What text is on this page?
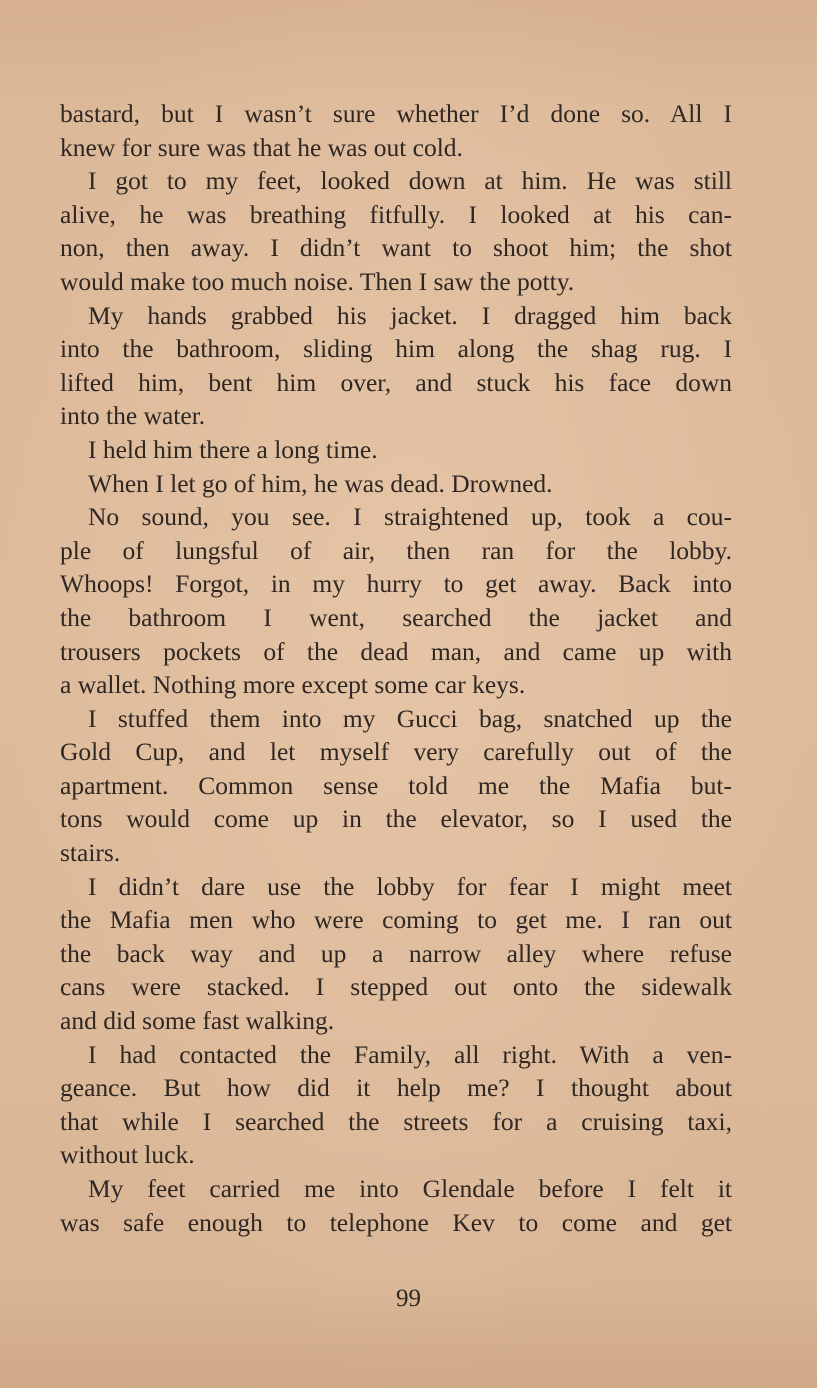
bastard, but I wasn’t sure whether I’d done so. All I
knew for sure was that he was out cold.
I got to my feet, looked down at him. He was still
alive, he was breathing fitfully. I looked at his can-
non, then away. I didn’t want to shoot him; the shot
would make too much noise. Then I saw the potty.
My hands grabbed his jacket. I dragged him back
into the bathroom, sliding him along the shag rug. I
lifted him, bent him over, and stuck his face down
into the water.
I held him there a long time.
When I let go of him, he was dead. Drowned.
No sound, you see. I straightened up, took a cou-
ple of lungsful of air, then ran for the lobby.
Whoops! Forgot, in my hurry to get away. Back into
the bathroom I went, searched the jacket and
trousers pockets of the dead man, and came up with
a wallet. Nothing more except some car keys.
I stuffed them into my Gucci bag, snatched up the
Gold Cup, and let myself very carefully out of the
apartment. Common sense told me the Mafia but-
tons would come up in the elevator, so I used the
stairs.
I didn’t dare use the lobby for fear I might meet
the Mafia men who were coming to get me. I ran out
the back way and up a narrow alley where refuse
cans were stacked. I stepped out onto the sidewalk
and did some fast walking.
I had contacted the Family, all right. With a ven-
geance. But how did it help me? I thought about
that while I searched the streets for a cruising taxi,
without luck.
My feet carried me into Glendale before I felt it
was safe enough to telephone Kev to come and get
99
